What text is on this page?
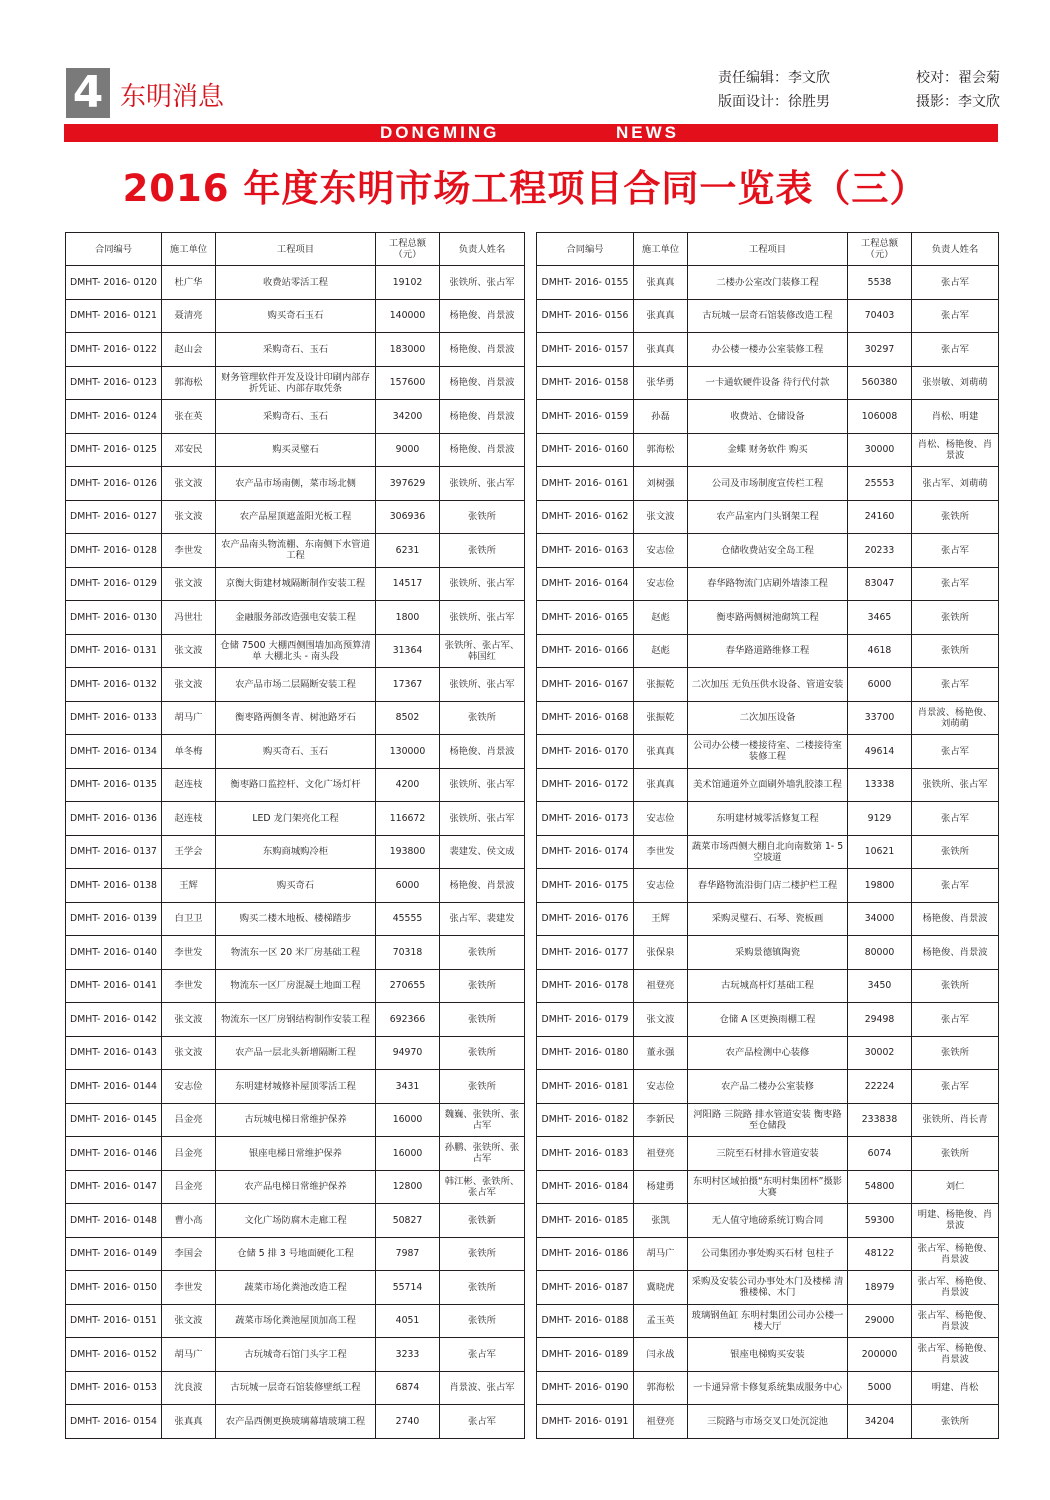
4 东明消息
责任编辑：李文欣	校对：翟会菊
版面设计：徐胜男	摄影：李文欣
DONGMING	NEWS
2016 年度东明市场工程项目合同一览表（三）
合同编号	施工单位	工程项目	工程总额（元）	负责人姓名
DMHT- 2016- 0120	杜广华	收费站零活工程	19102	张铁所、张占军
DMHT- 2016- 0121	聂清亮	购买奇石玉石	140000	杨艳俊、肖景波
DMHT- 2016- 0122	赵山会	采购奇石、玉石	183000	杨艳俊、肖景波
DMHT- 2016- 0123	郭海松	财务管理软件开发及设计印刷内部存折凭证、内部存取凭条	157600	杨艳俊、肖景波
DMHT- 2016- 0124	张在英	采购奇石、玉石	34200	杨艳俊、肖景波
DMHT- 2016- 0125	邓安民	购买灵璧石	9000	杨艳俊、肖景波
DMHT- 2016- 0126	张文波	农产品市场南侧，菜市场北侧	397629	张铁所、张占军
DMHT- 2016- 0127	张文波	农产品屋顶遮盖阳光板工程	306936	张铁所
DMHT- 2016- 0128	李世发	农产品南头物流棚、东南侧下水管道工程	6231	张铁所
DMHT- 2016- 0129	张文波	京衡大街建材城隔断制作安装工程	14517	张铁所、张占军
DMHT- 2016- 0130	冯世壮	金融服务部改造强电安装工程	1800	张铁所、张占军
DMHT- 2016- 0131	张文波	仓储 7500 大棚西侧围墙加高预算清单 大棚北头 - 南头段	31364	张铁所、张占军、韩国红
DMHT- 2016- 0132	张文波	农产品市场二层隔断安装工程	17367	张铁所、张占军
DMHT- 2016- 0133	胡马广	衡枣路两侧冬青、树池路牙石	8502	张铁所
DMHT- 2016- 0134	单冬梅	购买奇石、玉石	130000	杨艳俊、肖景波
DMHT- 2016- 0135	赵连枝	衡枣路口监控杆、文化广场灯杆	4200	张铁所、张占军
DMHT- 2016- 0136	赵连枝	LED 龙门架亮化工程	116672	张铁所、张占军
DMHT- 2016- 0137	王学会	东购商城购冷柜	193800	裴建发、侯文成
DMHT- 2016- 0138	王辉	购买奇石	6000	杨艳俊、肖景波
DMHT- 2016- 0139	白卫卫	购买二楼木地板、楼梯踏步	45555	张占军、裴建发
DMHT- 2016- 0140	李世发	物流东一区 20 米厂房基础工程	70318	张铁所
DMHT- 2016- 0141	李世发	物流东一区厂房混凝土地面工程	270655	张铁所
DMHT- 2016- 0142	张文波	物流东一区厂房钢结构制作安装工程	692366	张铁所
DMHT- 2016- 0143	张文波	农产品一层北头新增隔断工程	94970	张铁所
DMHT- 2016- 0144	安志俭	东明建材城修补屋顶零活工程	3431	张铁所
DMHT- 2016- 0145	吕金亮	古玩城电梯日常维护保养	16000	魏巍、张铁所、张占军
DMHT- 2016- 0146	吕金亮	银座电梯日常维护保养	16000	孙鹏、张铁所、张占军
DMHT- 2016- 0147	吕金亮	农产品电梯日常维护保养	12800	韩江彬、张铁所、张占军
DMHT- 2016- 0148	曹小高	文化广场防腐木走廊工程	50827	张铁新
DMHT- 2016- 0149	李国会	仓储 5 排 3 号地面硬化工程	7987	张铁所
DMHT- 2016- 0150	李世发	蔬菜市场化粪池改造工程	55714	张铁所
DMHT- 2016- 0151	张文波	蔬菜市场化粪池屋顶加高工程	4051	张铁所
DMHT- 2016- 0152	胡马广	古玩城奇石馆门头字工程	3233	张占军
DMHT- 2016- 0153	沈良波	古玩城一层奇石馆装修壁纸工程	6874	肖景波、张占军
DMHT- 2016- 0154	张真真	农产品西侧更换玻璃幕墙玻璃工程	2740	张占军
合同编号	施工单位	工程项目	工程总额（元）	负责人姓名
DMHT- 2016- 0155	张真真	二楼办公室改门装修工程	5538	张占军
DMHT- 2016- 0156	张真真	古玩城一层奇石馆装修改造工程	70403	张占军
DMHT- 2016- 0157	张真真	办公楼一楼办公室装修工程	30297	张占军
DMHT- 2016- 0158	张华勇	一卡通软硬件设备 待行代付款	560380	张崇敏、刘萌萌
DMHT- 2016- 0159	孙磊	收费站、仓储设备	106008	肖松、明建
DMHT- 2016- 0160	郭海松	金蝶 财务软件 购买	30000	肖松、杨艳俊、肖景波
DMHT- 2016- 0161	刘树强	公司及市场制度宣传栏工程	25553	张占军、刘萌萌
DMHT- 2016- 0162	张文波	农产品室内门头钢架工程	24160	张铁所
DMHT- 2016- 0163	安志俭	仓储收费站安全岛工程	20233	张占军
DMHT- 2016- 0164	安志俭	春华路物流门店刷外墙漆工程	83047	张占军
DMHT- 2016- 0165	赵彪	衡枣路两侧树池砌筑工程	3465	张铁所
DMHT- 2016- 0166	赵彪	春华路道路维修工程	4618	张铁所
DMHT- 2016- 0167	张振乾	二次加压 无负压供水设备、管道安装	6000	张占军
DMHT- 2016- 0168	张振乾	二次加压设备	33700	肖景波、杨艳俊、刘萌萌
DMHT- 2016- 0170	张真真	公司办公楼一楼接待室、二楼接待室装修工程	49614	张占军
DMHT- 2016- 0172	张真真	美术馆通道外立面刷外墙乳胶漆工程	13338	张铁所、张占军
DMHT- 2016- 0173	安志俭	东明建材城零活修复工程	9129	张占军
DMHT- 2016- 0174	李世发	蔬菜市场西侧大棚自北向南数第 1- 5 空坡道	10621	张铁所
DMHT- 2016- 0175	安志俭	春华路物流沿街门店二楼护栏工程	19800	张占军
DMHT- 2016- 0176	王辉	采购灵璧石、石琴、瓷板画	34000	杨艳俊、肖景波
DMHT- 2016- 0177	张保泉	采购景德镇陶瓷	80000	杨艳俊、肖景波
DMHT- 2016- 0178	祖登亮	古玩城高杆灯基础工程	3450	张铁所
DMHT- 2016- 0179	张文波	仓储 A 区更换雨棚工程	29498	张占军
DMHT- 2016- 0180	董永强	农产品检测中心装修	30002	张铁所
DMHT- 2016- 0181	安志俭	农产品二楼办公室装修	22224	张占军
DMHT- 2016- 0182	李新民	河阳路 三院路 排水管道安装 衡枣路至仓储段	233838	张铁所、肖长青
DMHT- 2016- 0183	祖登亮	三院至石材排水管道安装	6074	张铁所
DMHT- 2016- 0184	杨建勇	东明村区域拍摄“东明村集团杯”摄影大赛	54800	刘仁
DMHT- 2016- 0185	张凯	无人值守地磅系统订购合同	59300	明建、杨艳俊、肖景波
DMHT- 2016- 0186	胡马广	公司集团办事处购买石材 包柱子	48122	张占军、杨艳俊、肖景波
DMHT- 2016- 0187	冀晓虎	采购及安装公司办事处木门及楼梯 清雅楼梯、木门	18979	张占军、杨艳俊、肖景波
DMHT- 2016- 0188	孟玉英	玻璃钢鱼缸 东明村集团公司办公楼一楼大厅	29000	张占军、杨艳俊、肖景波
DMHT- 2016- 0189	闫永战	银座电梯购买安装	200000	张占军、杨艳俊、肖景波
DMHT- 2016- 0190	郭海松	一卡通异常卡修复系统集成服务中心	5000	明建、肖松
DMHT- 2016- 0191	祖登亮	三院路与市场交叉口处沉淀池	34204	张铁所
